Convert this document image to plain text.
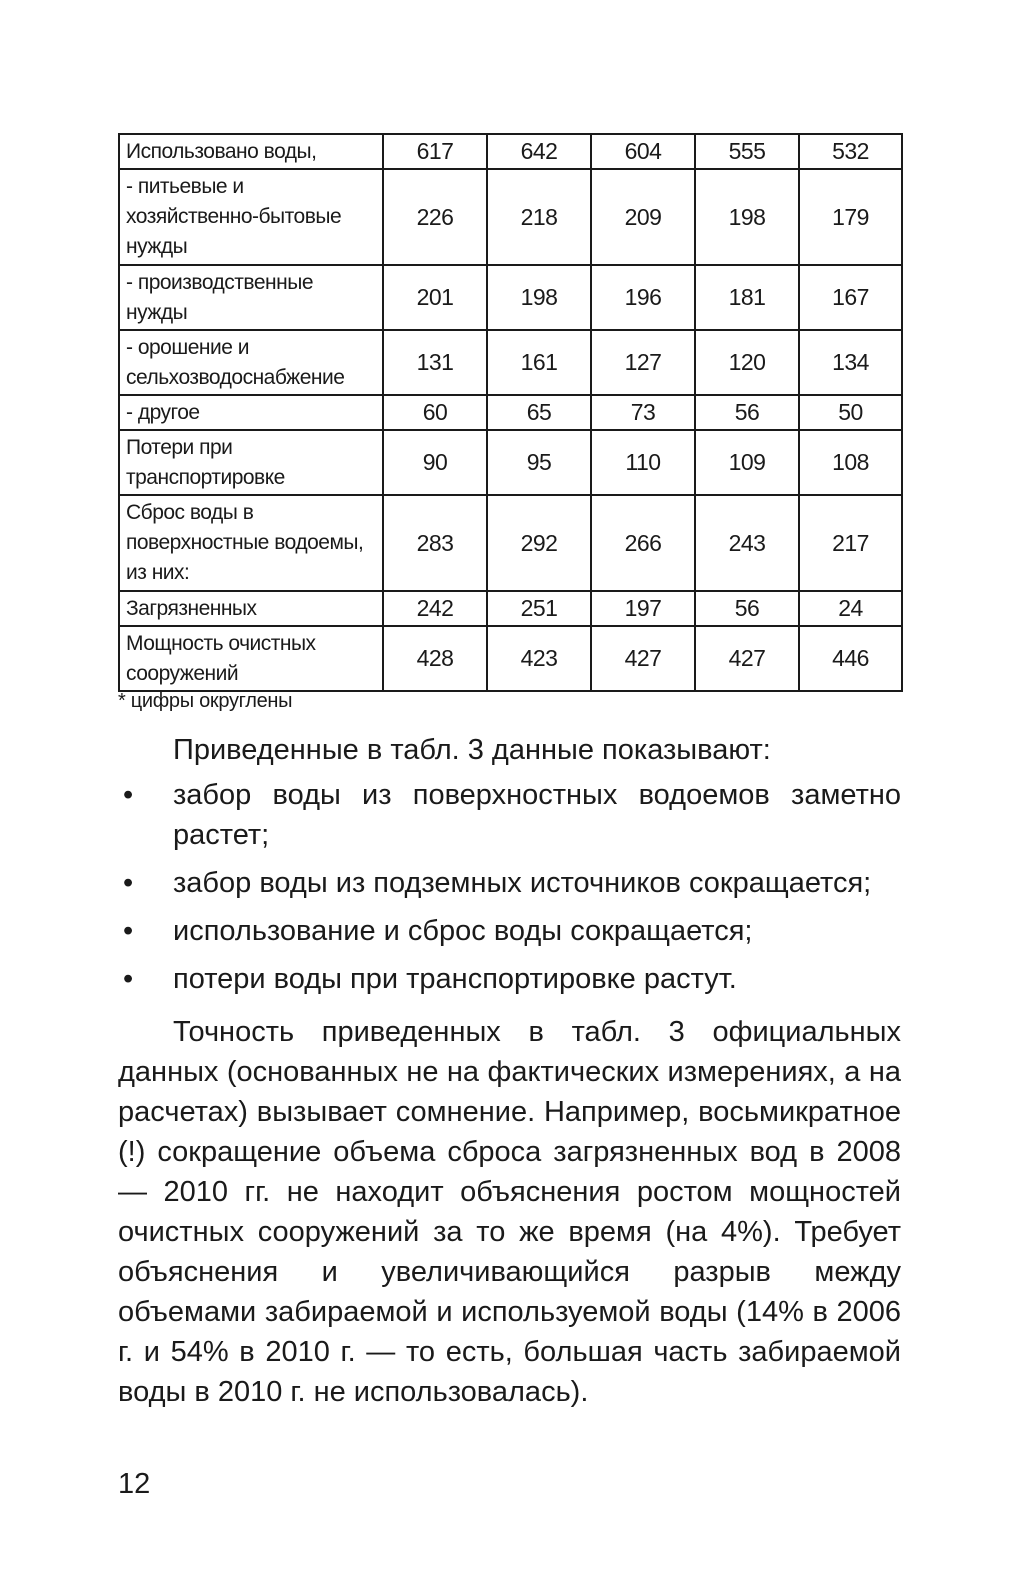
Использовано воды,	617	642	604	555	532
- питьевые и
хозяйственно-бытовые
нужды	226	218	209	198	179
- производственные
нужды	201	198	196	181	167
- орошение и
сельхозводоснабжение	131	161	127	120	134
- другое	60	65	73	56	50
Потери при
транспортировке	90	95	110	109	108
Сброс воды в
поверхностные водоемы,
из них:	283	292	266	243	217
Загрязненных	242	251	197	56	24
Мощность очистных
сооружений	428	423	427	427	446
* цифры округлены
Приведенные в табл. 3 данные показывают:
• забор воды из поверхностных водоемов заметно растет;
• забор воды из подземных источников сокращается;
• использование и сброс воды сокращается;
• потери воды при транспортировке растут.
Точность приведенных в табл. 3 официальных данных (основанных не на фактических измерениях, а на расчетах) вызывает сомнение. Например, восьмикратное (!) сокращение объема сброса загрязненных вод в 2008 — 2010 гг. не находит объяснения ростом мощностей очистных сооружений за то же время (на 4%). Требует объяснения и увеличивающийся разрыв между объемами забираемой и используемой воды (14% в 2006 г. и 54% в 2010 г. — то есть, большая часть забираемой воды в 2010 г. не использовалась).
12
